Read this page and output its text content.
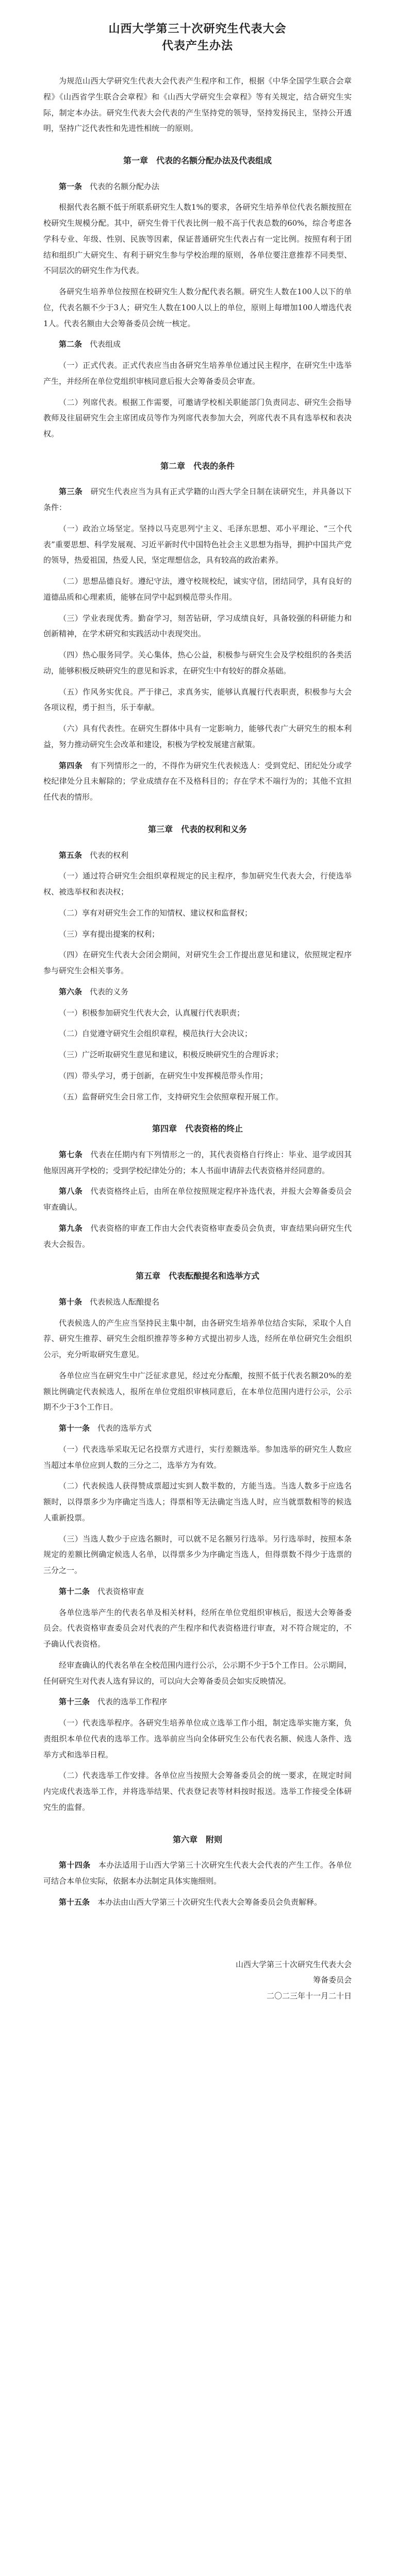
山西大学第三十次研究生代表大会
代表产生办法

为规范山西大学研究生代表大会代表产生程序和工作，根据《中华全国学生联合会章程》《山西省学生联合会章程》和《山西大学研究生会章程》等有关规定，结合研究生实际，制定本办法。研究生代表大会代表的产生坚持党的领导，坚持发扬民主，坚持公开透明，坚持广泛代表性和先进性相统一的原则。

第一章　代表的名额分配办法及代表组成

第一条　 代表的名额分配办法

根据代表名额不低于所联系研究生人数1%的要求，各研究生培养单位代表名额按照在校研究生规模分配。其中，研究生骨干代表比例一般不高于代表总数的60%，综合考虑各学科专业、年级、性别、民族等因素，保证普通研究生代表占有一定比例。按照有利于团结和组织广大研究生、有利于研究生参与学校治理的原则，各单位要注意推荐不同类型、不同层次的研究生作为代表。

各研究生培养单位按照在校研究生人数分配代表名额。研究生人数在100人以下的单位，代表名额不少于3人；研究生人数在100人以上的单位，原则上每增加100人增选代表1人。代表名额由大会筹备委员会统一核定。

第二条　 代表组成

（一）正式代表。正式代表应当由各研究生培养单位通过民主程序，在研究生中选举产生，并经所在单位党组织审核同意后报大会筹备委员会审查。

（二）列席代表。根据工作需要，可邀请学校相关职能部门负责同志、研究生会指导教师及往届研究生会主席团成员等作为列席代表参加大会，列席代表不具有选举权和表决权。

第二章　代表的条件

第三条　 研究生代表应当为具有正式学籍的山西大学全日制在读研究生，并具备以下条件：

（一）政治立场坚定。坚持以马克思列宁主义、毛泽东思想、邓小平理论、“三个代表”重要思想、科学发展观、习近平新时代中国特色社会主义思想为指导，拥护中国共产党的领导，热爱祖国，热爱人民，坚定理想信念，具有较高的政治素养。

（二）思想品德良好。遵纪守法，遵守校规校纪，诚实守信，团结同学，具有良好的道德品质和心理素质，能够在同学中起到模范带头作用。

（三）学业表现优秀。勤奋学习，刻苦钻研，学习成绩良好，具备较强的科研能力和创新精神，在学术研究和实践活动中表现突出。

（四）热心服务同学。关心集体，热心公益，积极参与研究生会及学校组织的各类活动，能够积极反映研究生的意见和诉求，在研究生中有较好的群众基础。

（五）作风务实优良。严于律己，求真务实，能够认真履行代表职责，积极参与大会各项议程，勇于担当，乐于奉献。

（六）具有代表性。在研究生群体中具有一定影响力，能够代表广大研究生的根本利益，努力推动研究生会改革和建设，积极为学校发展建言献策。

第四条　 有下列情形之一的，不得作为研究生代表候选人：受到党纪、团纪处分或学校纪律处分且未解除的；学业成绩存在不及格科目的；存在学术不端行为的；其他不宜担任代表的情形。

第三章　代表的权利和义务

第五条　 代表的权利

（一）通过符合研究生会组织章程规定的民主程序，参加研究生代表大会，行使选举权、被选举权和表决权；

（二）享有对研究生会工作的知情权、建议权和监督权；

（三）享有提出提案的权利；

（四）在研究生代表大会闭会期间，对研究生会工作提出意见和建议，依照规定程序参与研究生会相关事务。

第六条　 代表的义务

（一）积极参加研究生代表大会，认真履行代表职责；

（二）自觉遵守研究生会组织章程，模范执行大会决议；

（三）广泛听取研究生意见和建议，积极反映研究生的合理诉求；

（四）带头学习，勇于创新，在研究生中发挥模范带头作用；

（五）监督研究生会日常工作，支持研究生会依照章程开展工作。

第四章　代表资格的终止

第七条　 代表在任期内有下列情形之一的，其代表资格自行终止：毕业、退学或因其他原因离开学校的；受到学校纪律处分的；本人书面申请辞去代表资格并经同意的。

第八条　 代表资格终止后，由所在单位按照规定程序补选代表，并报大会筹备委员会审查确认。

第九条　 代表资格的审查工作由大会代表资格审查委员会负责，审查结果向研究生代表大会报告。

第五章　代表酝酿提名和选举方式

第十条　 代表候选人酝酿提名

代表候选人的产生应当坚持民主集中制，由各研究生培养单位结合实际，采取个人自荐、研究生推荐、研究生会组织推荐等多种方式提出初步人选，经所在单位研究生会组织公示，充分听取研究生意见。

各单位应当在研究生中广泛征求意见，经过充分酝酿，按照不低于代表名额20%的差额比例确定代表候选人，报所在单位党组织审核同意后，在本单位范围内进行公示，公示期不少于3个工作日。

第十一条　 代表的选举方式

（一）代表选举采取无记名投票方式进行，实行差额选举。参加选举的研究生人数应当超过本单位应到人数的三分之二，选举方为有效。

（二）代表候选人获得赞成票超过实到人数半数的，方能当选。当选人数多于应选名额时，以得票多少为序确定当选人；得票相等无法确定当选人时，应当就票数相等的候选人重新投票。

（三）当选人数少于应选名额时，可以就不足名额另行选举。另行选举时，按照本条规定的差额比例确定候选人名单，以得票多少为序确定当选人，但得票数不得少于选票的三分之一。

第十二条　 代表资格审查

各单位选举产生的代表名单及相关材料，经所在单位党组织审核后，报送大会筹备委员会。代表资格审查委员会对代表的产生程序和代表资格进行审查，对不符合规定的，不予确认代表资格。

经审查确认的代表名单在全校范围内进行公示，公示期不少于5个工作日。公示期间，任何研究生对代表人选有异议的，可以向大会筹备委员会如实反映情况。

第十三条　 代表的选举工作程序

（一）代表选举程序。各研究生培养单位成立选举工作小组，制定选举实施方案，负责组织本单位代表的选举工作。选举前应当向全体研究生公布代表名额、候选人条件、选举方式和选举日程。

（二）代表选举工作安排。各单位应当按照大会筹备委员会的统一要求，在规定时间内完成代表选举工作，并将选举结果、代表登记表等材料按时报送。选举工作接受全体研究生的监督。

第六章　附则

第十四条　 本办法适用于山西大学第三十次研究生代表大会代表的产生工作。各单位可结合本单位实际，依据本办法制定具体实施细则。

第十五条　 本办法由山西大学第三十次研究生代表大会筹备委员会负责解释。

山西大学第三十次研究生代表大会
筹备委员会
二〇二三年十一月二十日
